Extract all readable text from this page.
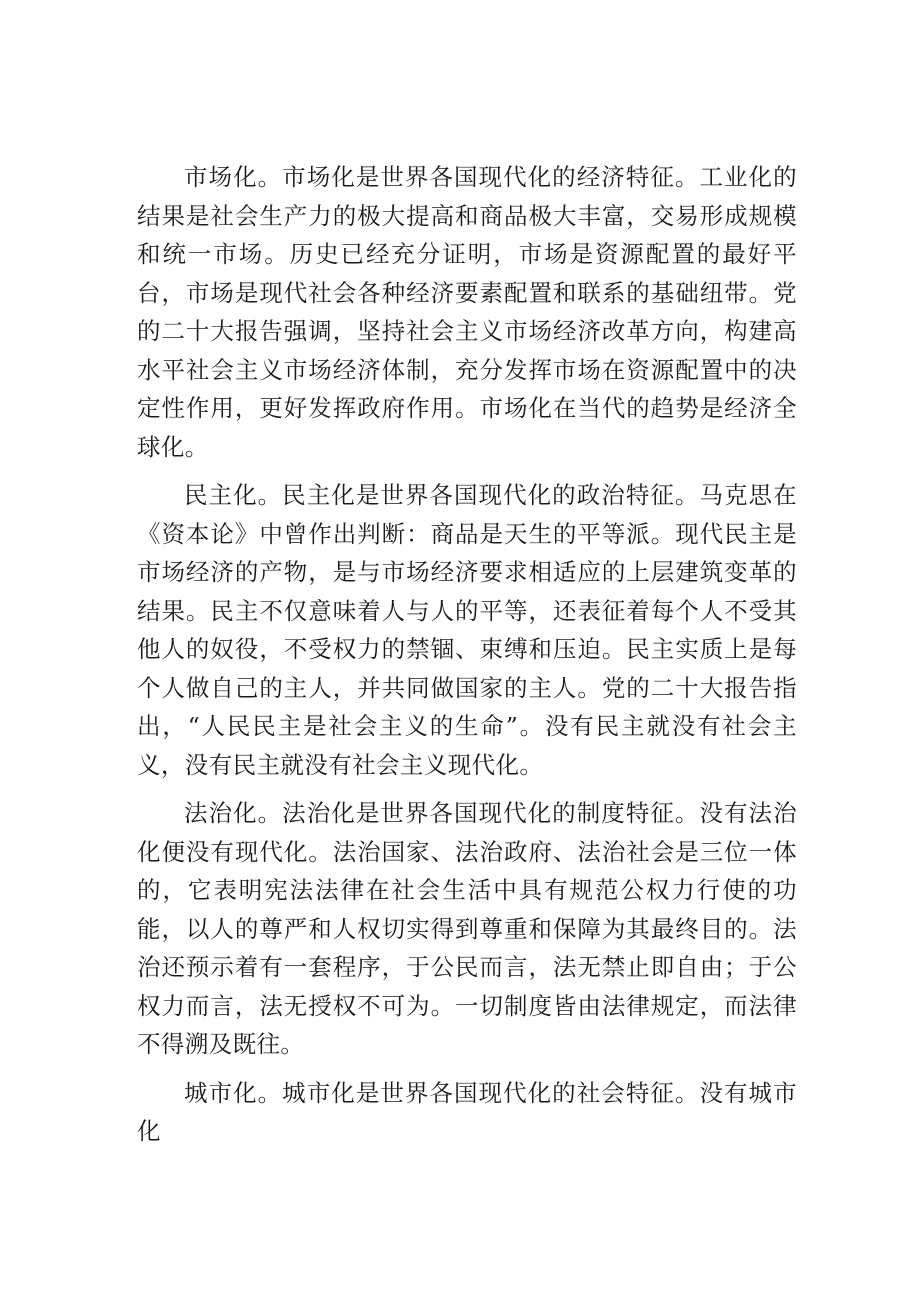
市场化。市场化是世界各国现代化的经济特征。工业化的结果是社会生产力的极大提高和商品极大丰富，交易形成规模和统一市场。历史已经充分证明，市场是资源配置的最好平台，市场是现代社会各种经济要素配置和联系的基础纽带。党的二十大报告强调，坚持社会主义市场经济改革方向，构建高水平社会主义市场经济体制，充分发挥市场在资源配置中的决定性作用，更好发挥政府作用。市场化在当代的趋势是经济全球化。

民主化。民主化是世界各国现代化的政治特征。马克思在《资本论》中曾作出判断：商品是天生的平等派。现代民主是市场经济的产物，是与市场经济要求相适应的上层建筑变革的结果。民主不仅意味着人与人的平等，还表征着每个人不受其他人的奴役，不受权力的禁锢、束缚和压迫。民主实质上是每个人做自己的主人，并共同做国家的主人。党的二十大报告指出，“人民民主是社会主义的生命”。没有民主就没有社会主义，没有民主就没有社会主义现代化。

法治化。法治化是世界各国现代化的制度特征。没有法治化便没有现代化。法治国家、法治政府、法治社会是三位一体的，它表明宪法法律在社会生活中具有规范公权力行使的功能，以人的尊严和人权切实得到尊重和保障为其最终目的。法治还预示着有一套程序，于公民而言，法无禁止即自由；于公权力而言，法无授权不可为。一切制度皆由法律规定，而法律不得溯及既往。

城市化。城市化是世界各国现代化的社会特征。没有城市化
